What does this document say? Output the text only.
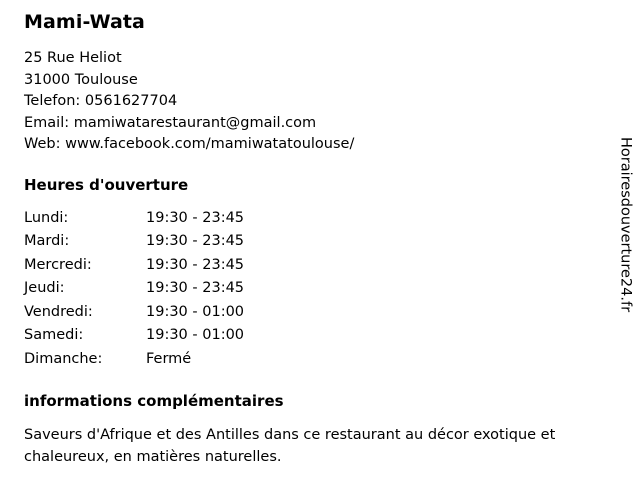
Mami-Wata
25 Rue Heliot
31000 Toulouse
Telefon: 0561627704
Email: mamiwatarestaurant@gmail.com
Web: www.facebook.com/mamiwatatoulouse/
Heures d'ouverture
Lundi:	19:30 - 23:45
Mardi:	19:30 - 23:45
Mercredi:	19:30 - 23:45
Jeudi:	19:30 - 23:45
Vendredi:	19:30 - 01:00
Samedi:	19:30 - 01:00
Dimanche:	Fermé
informations complémentaires
Saveurs d'Afrique et des Antilles dans ce restaurant au décor exotique et chaleureux, en matières naturelles.
Horairesdouverture24.fr
